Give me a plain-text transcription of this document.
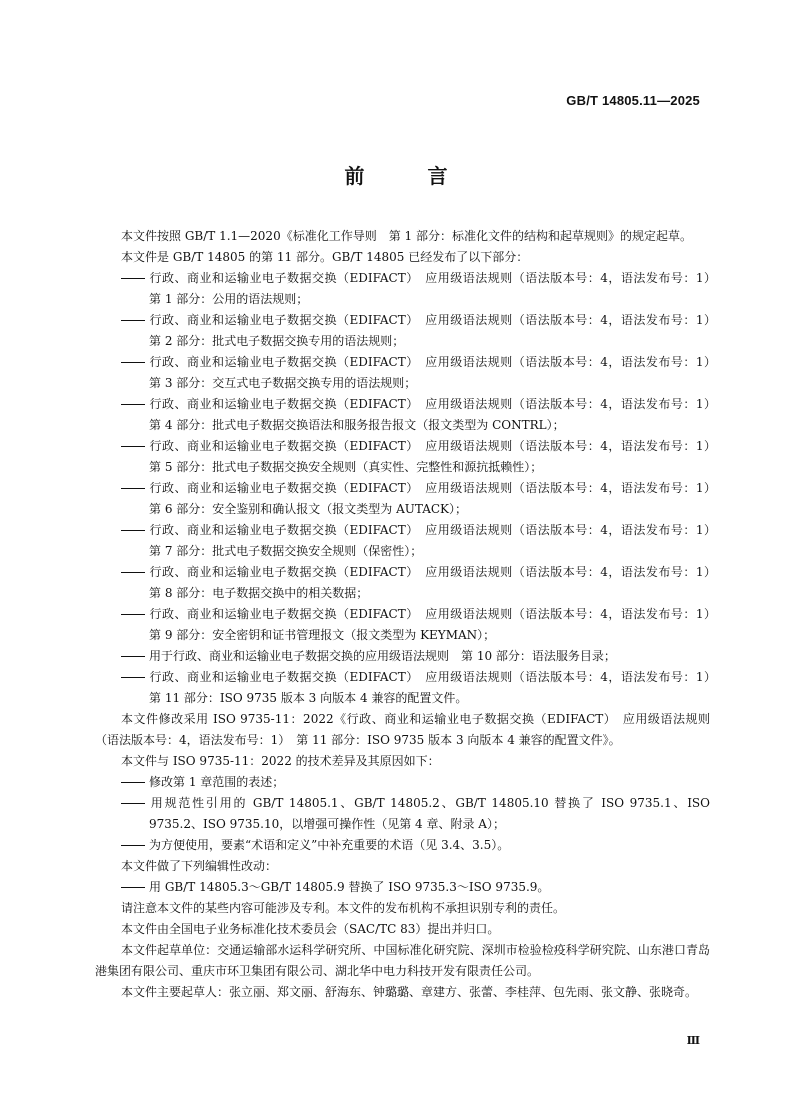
GB/T 14805.11—2025
前 言
本文件按照 GB/T 1.1—2020《标准化工作导则　第 1 部分：标准化文件的结构和起草规则》的规定起草。
本文件是 GB/T 14805 的第 11 部分。GB/T 14805 已经发布了以下部分：
行政、商业和运输业电子数据交换（EDIFACT）　应用级语法规则（语法版本号：4，语法发布号：1）　第 1 部分：公用的语法规则；
行政、商业和运输业电子数据交换（EDIFACT）　应用级语法规则（语法版本号：4，语法发布号：1）　第 2 部分：批式电子数据交换专用的语法规则；
行政、商业和运输业电子数据交换（EDIFACT）　应用级语法规则（语法版本号：4，语法发布号：1）　第 3 部分：交互式电子数据交换专用的语法规则；
行政、商业和运输业电子数据交换（EDIFACT）　应用级语法规则（语法版本号：4，语法发布号：1）　第 4 部分：批式电子数据交换语法和服务报告报文（报文类型为 CONTRL）；
行政、商业和运输业电子数据交换（EDIFACT）　应用级语法规则（语法版本号：4，语法发布号：1）　第 5 部分：批式电子数据交换安全规则（真实性、完整性和源抗抵赖性）；
行政、商业和运输业电子数据交换（EDIFACT）　应用级语法规则（语法版本号：4，语法发布号：1）　第 6 部分：安全鉴别和确认报文（报文类型为 AUTACK）；
行政、商业和运输业电子数据交换（EDIFACT）　应用级语法规则（语法版本号：4，语法发布号：1）　第 7 部分：批式电子数据交换安全规则（保密性）；
行政、商业和运输业电子数据交换（EDIFACT）　应用级语法规则（语法版本号：4，语法发布号：1）　第 8 部分：电子数据交换中的相关数据；
行政、商业和运输业电子数据交换（EDIFACT）　应用级语法规则（语法版本号：4，语法发布号：1）　第 9 部分：安全密钥和证书管理报文（报文类型为 KEYMAN）；
用于行政、商业和运输业电子数据交换的应用级语法规则　第 10 部分：语法服务目录；
行政、商业和运输业电子数据交换（EDIFACT）　应用级语法规则（语法版本号：4，语法发布号：1）　第 11 部分：ISO 9735 版本 3 向版本 4 兼容的配置文件。
本文件修改采用 ISO 9735-11：2022《行政、商业和运输业电子数据交换（EDIFACT）　应用级语法规则（语法版本号：4，语法发布号：1）　第 11 部分：ISO 9735 版本 3 向版本 4 兼容的配置文件》。
本文件与 ISO 9735-11：2022 的技术差异及其原因如下：
修改第 1 章范围的表述；
用规范性引用的 GB/T 14805.1、GB/T 14805.2、GB/T 14805.10 替换了 ISO 9735.1、ISO 9735.2、ISO 9735.10，以增强可操作性（见第 4 章、附录 A）；
为方便使用，要素“术语和定义”中补充重要的术语（见 3.4、3.5）。
本文件做了下列编辑性改动：
用 GB/T 14805.3～GB/T 14805.9 替换了 ISO 9735.3～ISO 9735.9。
请注意本文件的某些内容可能涉及专利。本文件的发布机构不承担识别专利的责任。
本文件由全国电子业务标准化技术委员会（SAC/TC 83）提出并归口。
本文件起草单位：交通运输部水运科学研究所、中国标准化研究院、深圳市检验检疫科学研究院、山东港口青岛港集团有限公司、重庆市环卫集团有限公司、湖北华中电力科技开发有限责任公司。
本文件主要起草人：张立丽、郑文丽、舒海东、钟璐璐、章建方、张蕾、李桂萍、包先雨、张文静、张晓奇。
Ⅲ
